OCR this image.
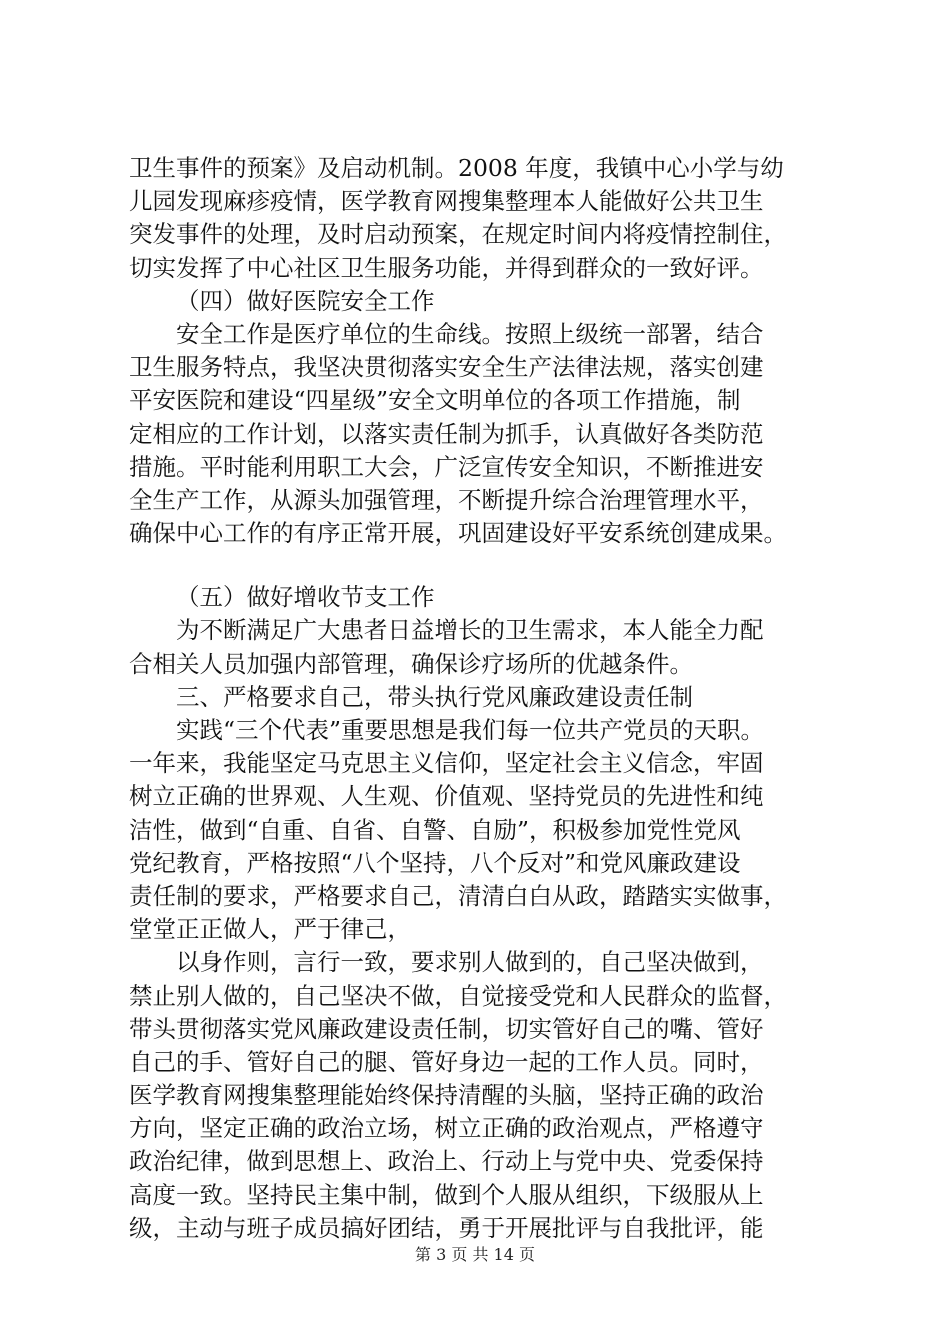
卫生事件的预案》及启动机制。2008 年度，我镇中心小学与幼
儿园发现麻疹疫情，医学教育网搜集整理本人能做好公共卫生
突发事件的处理，及时启动预案，在规定时间内将疫情控制住，
切实发挥了中心社区卫生服务功能，并得到群众的一致好评。
（四）做好医院安全工作
安全工作是医疗单位的生命线。按照上级统一部署，结合
卫生服务特点，我坚决贯彻落实安全生产法律法规，落实创建
平安医院和建设“四星级”安全文明单位的各项工作措施，制
定相应的工作计划，以落实责任制为抓手，认真做好各类防范
措施。平时能利用职工大会，广泛宣传安全知识，不断推进安
全生产工作，从源头加强管理，不断提升综合治理管理水平，
确保中心工作的有序正常开展，巩固建设好平安系统创建成果。
（五）做好增收节支工作
为不断满足广大患者日益增长的卫生需求，本人能全力配
合相关人员加强内部管理，确保诊疗场所的优越条件。
三、严格要求自己，带头执行党风廉政建设责任制
实践“三个代表”重要思想是我们每一位共产党员的天职。
一年来，我能坚定马克思主义信仰，坚定社会主义信念，牢固
树立正确的世界观、人生观、价值观、坚持党员的先进性和纯
洁性，做到“自重、自省、自警、自励”，积极参加党性党风
党纪教育，严格按照“八个坚持，八个反对”和党风廉政建设
责任制的要求，严格要求自己，清清白白从政，踏踏实实做事，
堂堂正正做人，严于律己，
以身作则，言行一致，要求别人做到的，自己坚决做到，
禁止别人做的，自己坚决不做，自觉接受党和人民群众的监督，
带头贯彻落实党风廉政建设责任制，切实管好自己的嘴、管好
自己的手、管好自己的腿、管好身边一起的工作人员。同时，
医学教育网搜集整理能始终保持清醒的头脑，坚持正确的政治
方向，坚定正确的政治立场，树立正确的政治观点，严格遵守
政治纪律，做到思想上、政治上、行动上与党中央、党委保持
高度一致。坚持民主集中制，做到个人服从组织，下级服从上
级，主动与班子成员搞好团结，勇于开展批评与自我批评，能
第 3 页 共 14 页
